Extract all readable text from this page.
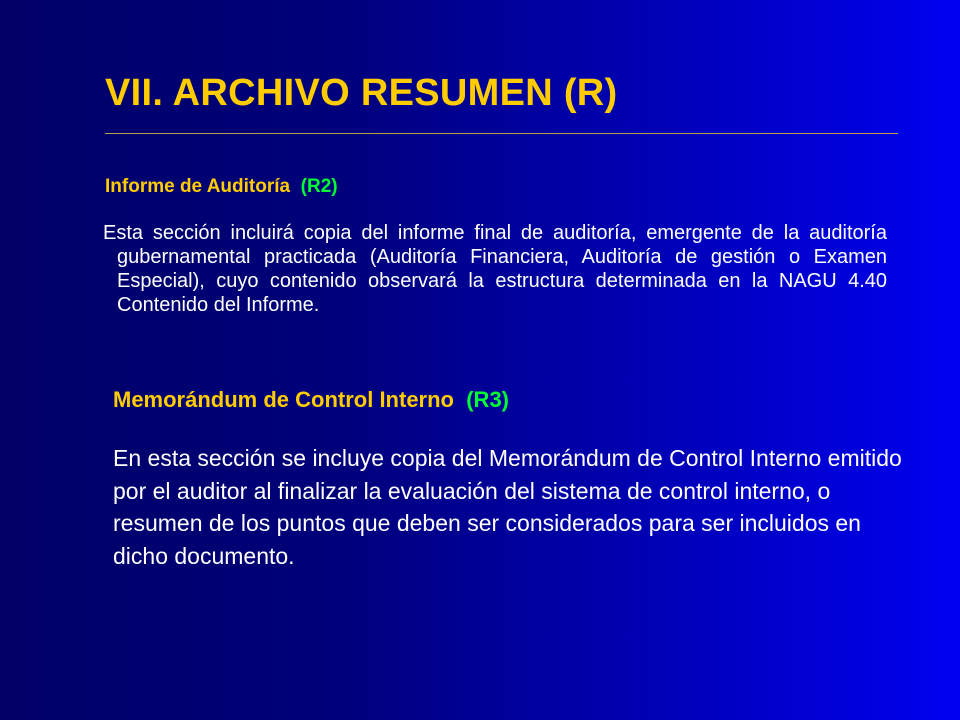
VII. ARCHIVO RESUMEN (R)
Informe de Auditoría (R2)

Esta sección incluirá copia del informe final de auditoría, emergente de la auditoría gubernamental practicada (Auditoría Financiera, Auditoría de gestión o Examen Especial), cuyo contenido observará la estructura determinada en la NAGU 4.40 Contenido del Informe.

Memorándum de Control Interno (R3)

En esta sección se incluye copia del Memorándum de Control Interno emitido por el auditor al finalizar la evaluación del sistema de control interno, o resumen de los puntos que deben ser considerados para ser incluidos en dicho documento.
